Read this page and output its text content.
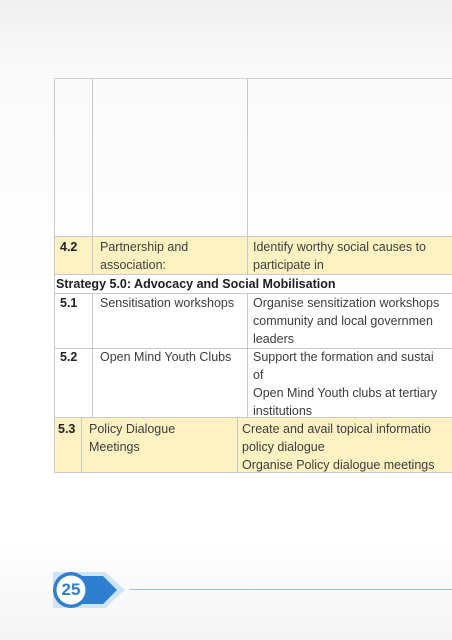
4.2 Partnership and
association:
Identify worthy social causes to
participate in
Strategy 5.0: Advocacy and Social Mobilisation
5.1 Sensitisation workshops Organise sensitization workshops
community and local governmen
leaders
5.2 Open Mind Youth Clubs Support the formation and sustai
of
Open Mind Youth clubs at tertiary
institutions
5.3 Policy Dialogue
Meetings
Create and avail topical informatio
policy dialogue
Organise Policy dialogue meetings
25
